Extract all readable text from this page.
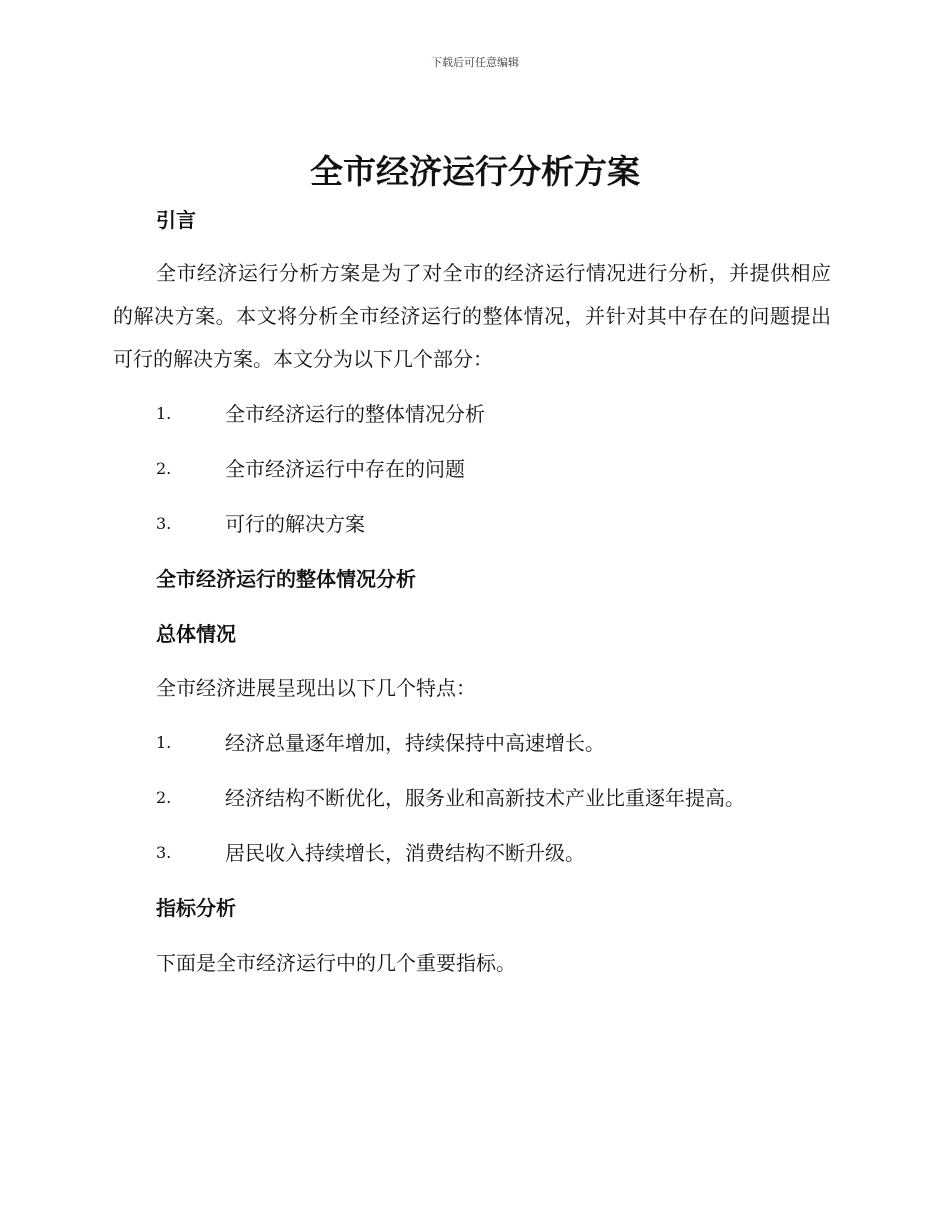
下载后可任意编辑
全市经济运行分析方案
引言

全市经济运行分析方案是为了对全市的经济运行情况进行分析，并提供相应的解决方案。本文将分析全市经济运行的整体情况，并针对其中存在的问题提出可行的解决方案。本文分为以下几个部分：

1.	全市经济运行的整体情况分析
2.	全市经济运行中存在的问题
3.	可行的解决方案
全市经济运行的整体情况分析
总体情况

全市经济进展呈现出以下几个特点：

1.	经济总量逐年增加，持续保持中高速增长。
2.	经济结构不断优化，服务业和高新技术产业比重逐年提高。
3.	居民收入持续增长，消费结构不断升级。
指标分析

下面是全市经济运行中的几个重要指标。
